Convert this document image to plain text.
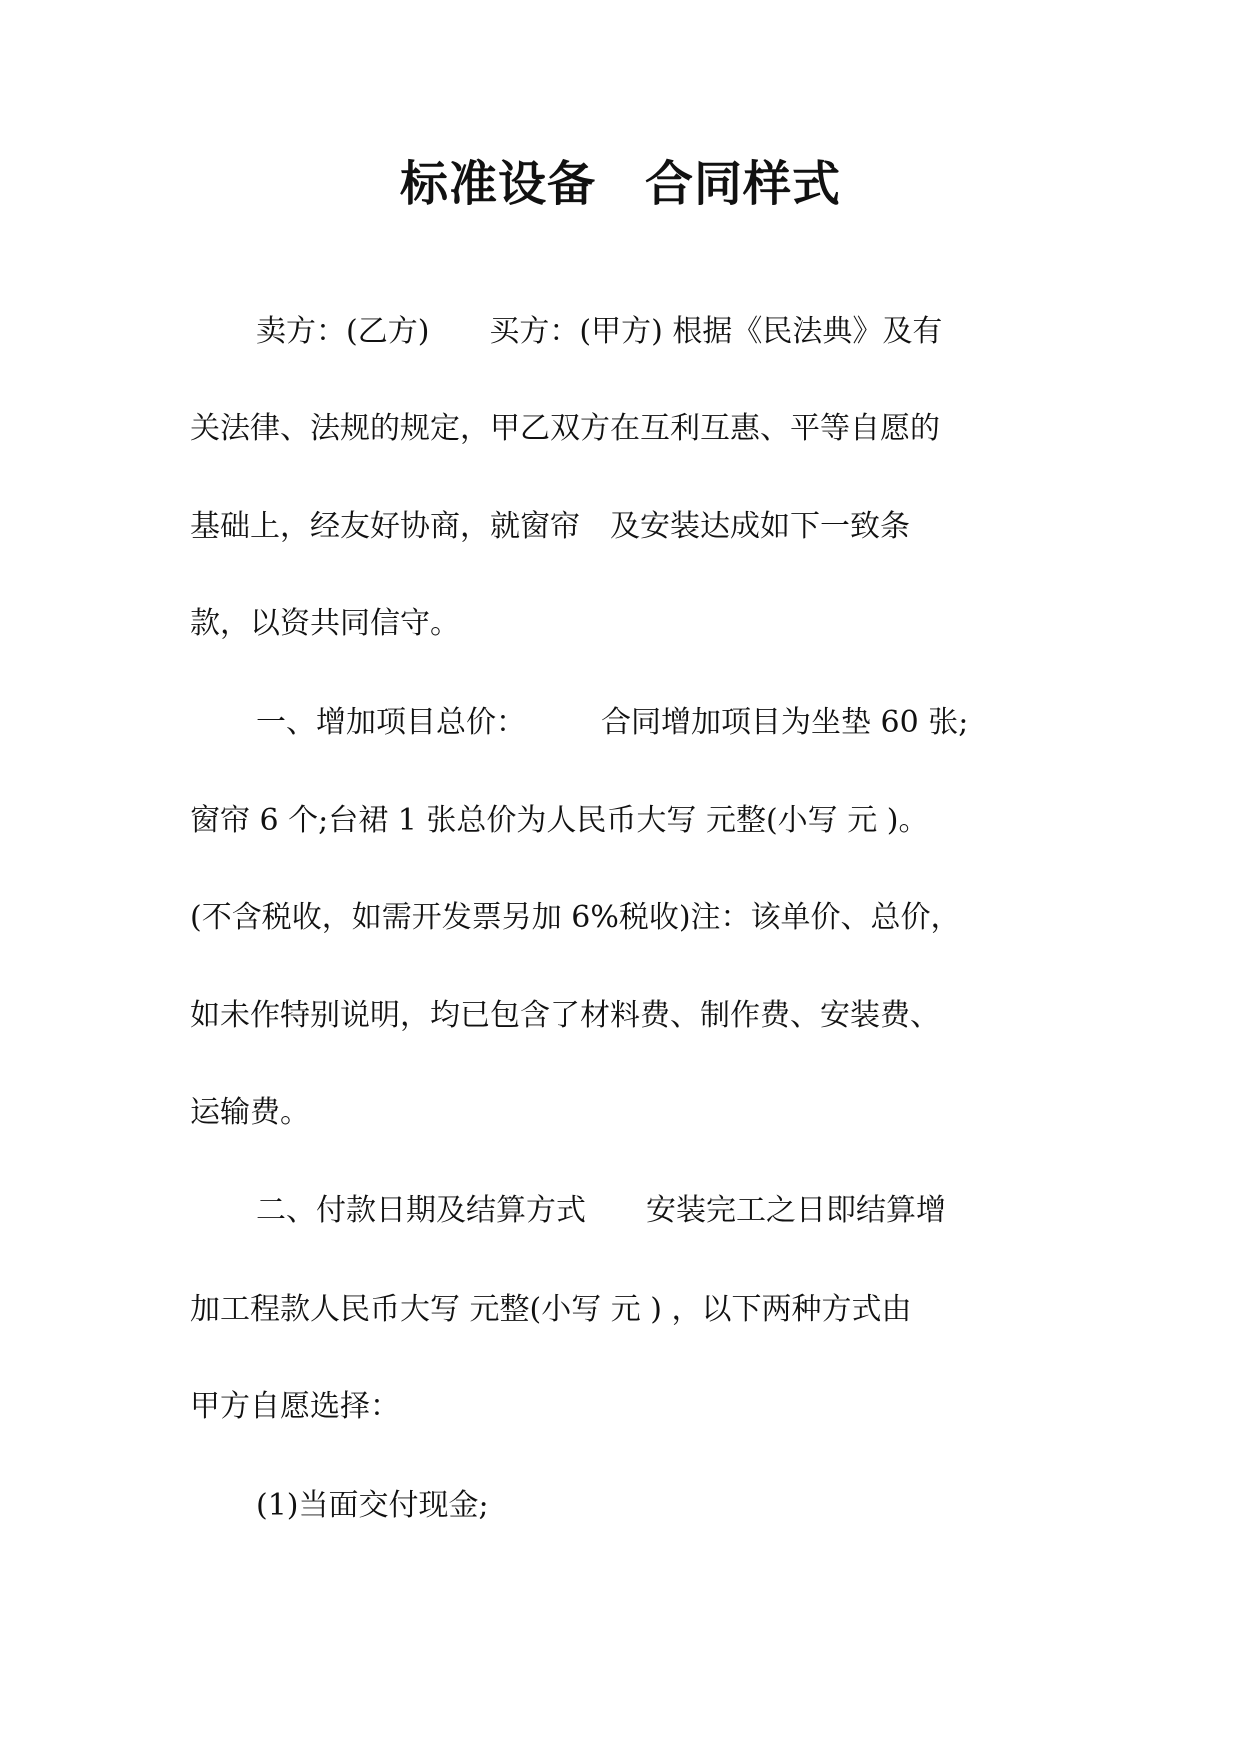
标准设备　合同样式
卖方：(乙方)　　买方：(甲方) 根据《民法典》及有
关法律、法规的规定，甲乙双方在互利互惠、平等自愿的
基础上，经友好协商，就窗帘　及安装达成如下一致条
款，以资共同信守。
一、增加项目总价：　　　合同增加项目为坐垫 60 张;
窗帘 6 个;台裙 1 张总价为人民币大写 元整(小写 元 )。
(不含税收，如需开发票另加 6%税收)注：该单价、总价，
如未作特别说明，均已包含了材料费、制作费、安装费、
运输费。
二、付款日期及结算方式　　安装完工之日即结算增
加工程款人民币大写 元整(小写 元 ) ，以下两种方式由
甲方自愿选择：
(1)当面交付现金;
